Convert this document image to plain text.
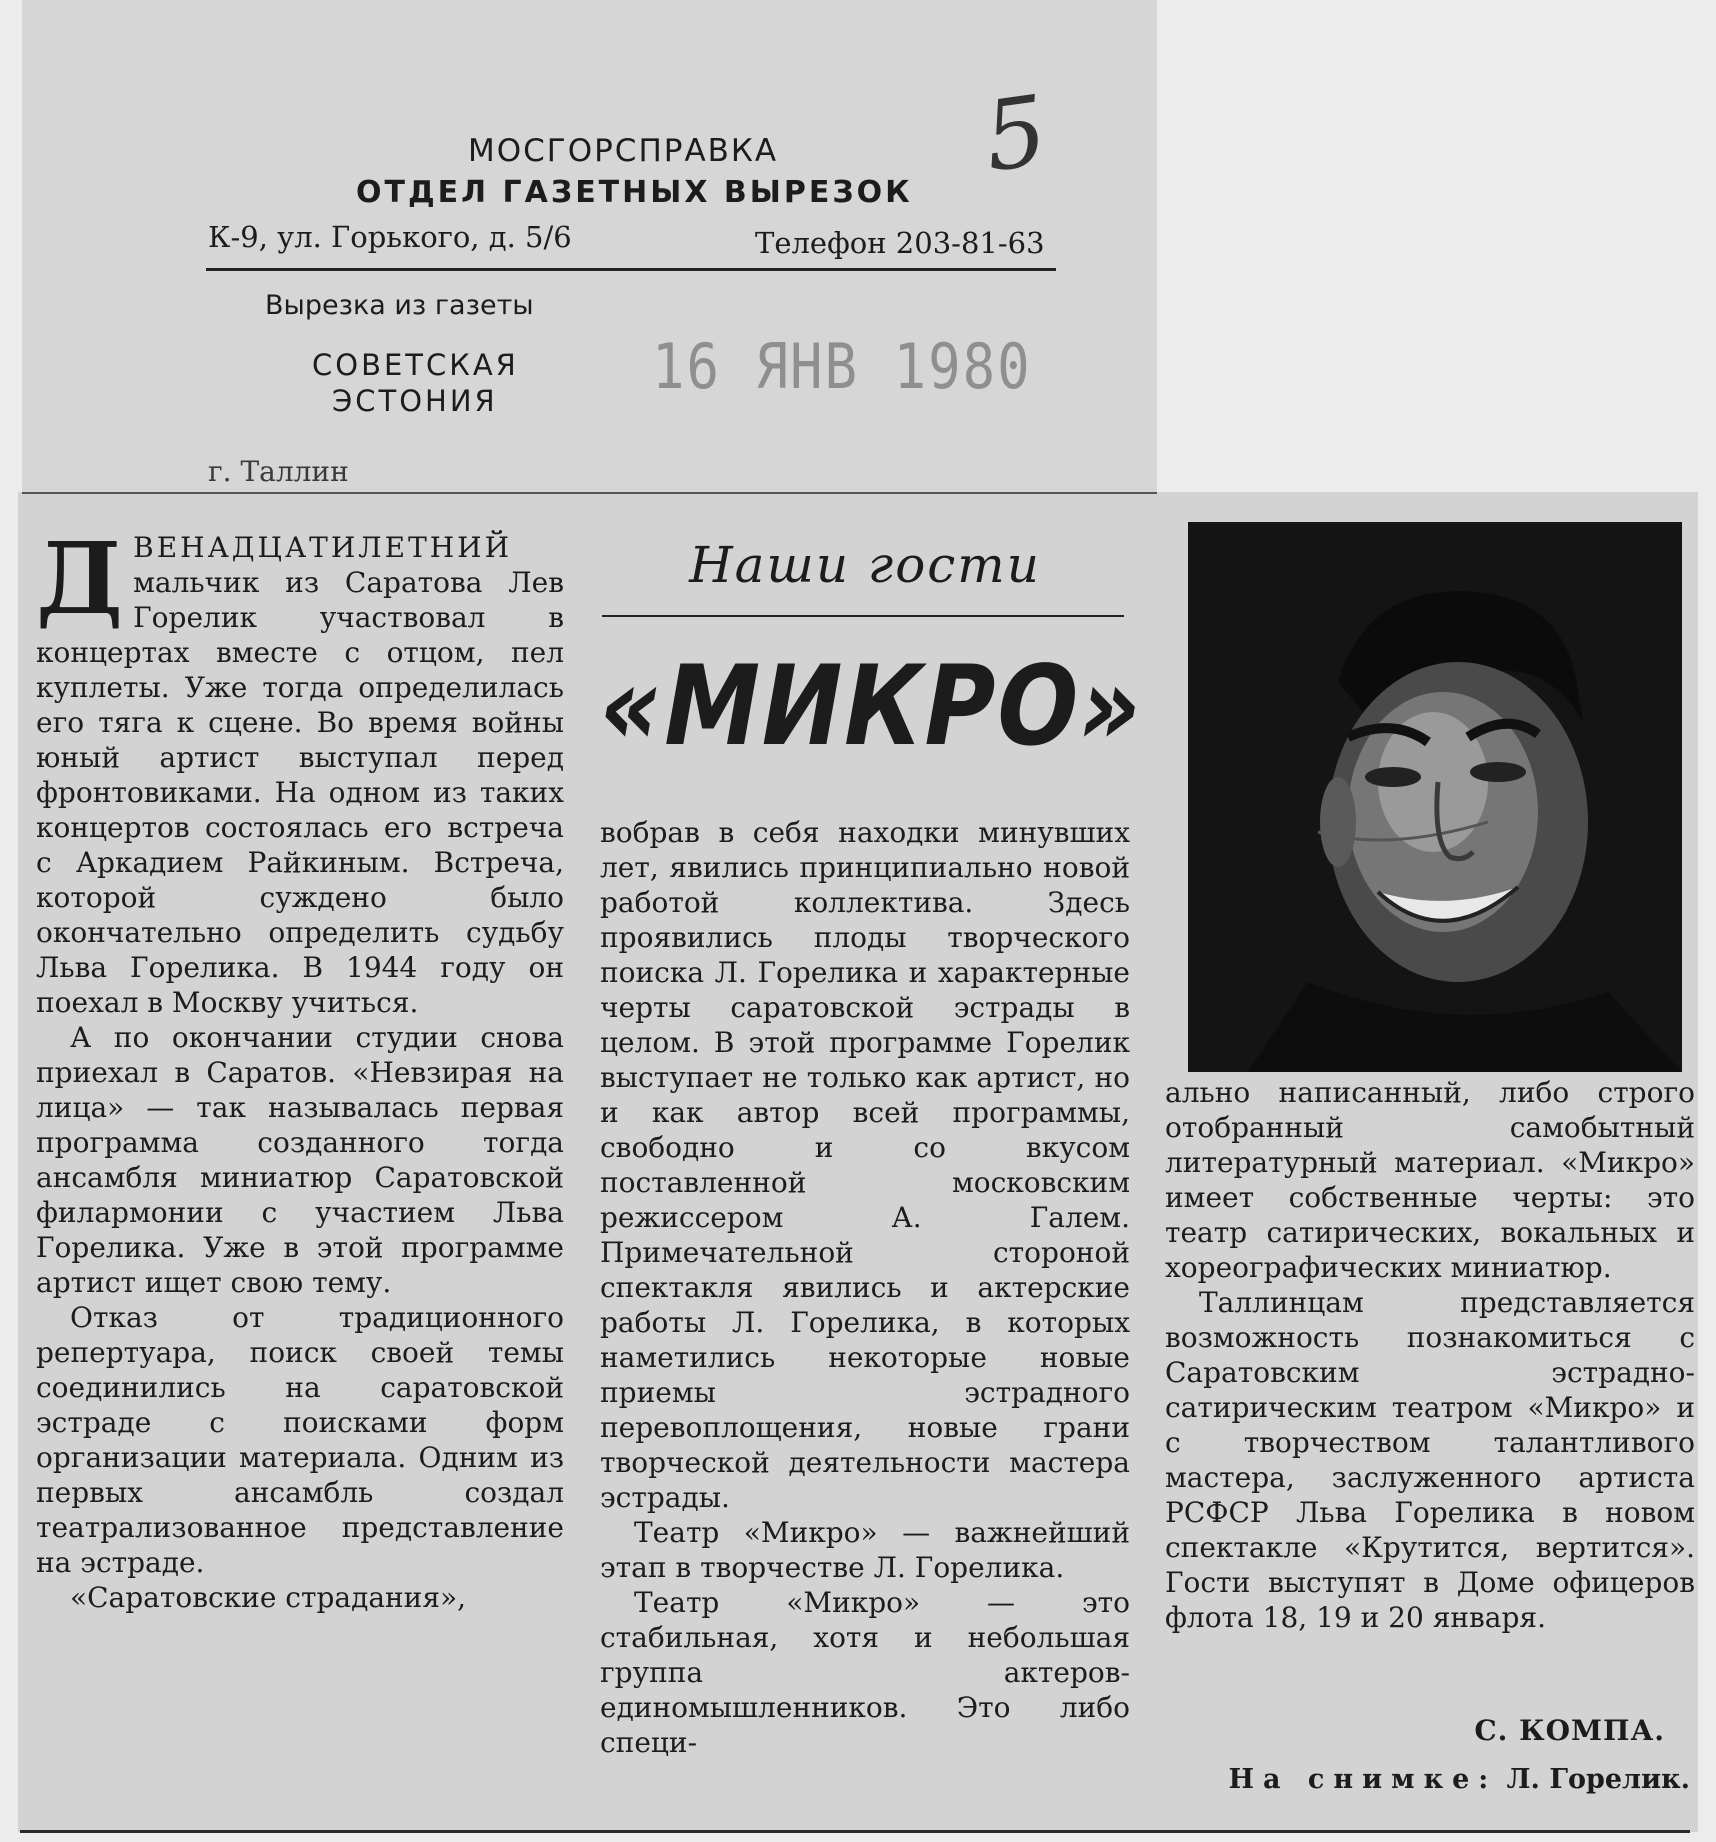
МОСГОРСПРАВКА
ОТДЕЛ ГАЗЕТНЫХ ВЫРЕЗОК
К-9, ул. Горького, д. 5/6	Телефон 203-81-63
Вырезка из газеты
СОВЕТСКАЯ
ЭСТОНИЯ
г. Таллин
16 ЯНВ 1980
5

ДВЕНАДЦАТИЛЕТНИЙ мальчик из Саратова Лев Горелик участвовал в концертах вместе с отцом, пел куплеты. Уже тогда определилась его тяга к сцене. Во время войны юный артист выступал перед фронтовиками. На одном из таких концертов состоялась его встреча с Аркадием Райкиным. Встреча, которой суждено было окончательно определить судьбу Льва Горелика. В 1944 году он поехал в Москву учиться.

А по окончании студии снова приехал в Саратов. «Невзирая на лица» — так называлась первая программа созданного тогда ансамбля миниатюр Саратовской филармонии с участием Льва Горелика. Уже в этой программе артист ищет свою тему.

Отказ от традиционного репертуара, поиск своей темы соединились на саратовской эстраде с поисками форм организации материала. Одним из первых ансамбль создал театрализованное представление на эстраде.

«Саратовские страдания»,

Наши гости
«МИКРО»

вобрав в себя находки минувших лет, явились принципиально новой работой коллектива. Здесь проявились плоды творческого поиска Л. Горелика и характерные черты саратовской эстрады в целом. В этой программе Горелик выступает не только как артист, но и как автор всей программы, свободно и со вкусом поставленной московским режиссером А. Галем. Примечательной стороной спектакля явились и актерские работы Л. Горелика, в которых наметились некоторые новые приемы эстрадного перевоплощения, новые грани творческой деятельности мастера эстрады.

Театр «Микро» — важнейший этап в творчестве Л. Горелика.

Театр «Микро» — это стабильная, хотя и небольшая группа актеров-единомышленников. Это либо специ-

ально написанный, либо строго отобранный самобытный литературный материал. «Микро» имеет собственные черты: это театр сатирических, вокальных и хореографических миниатюр.

Таллинцам представляется возможность познакомиться с Саратовским эстрадно-сатирическим театром «Микро» и с творчеством талантливого мастера, заслуженного артиста РСФСР Льва Горелика в новом спектакле «Крутится, вертится». Гости выступят в Доме офицеров флота 18, 19 и 20 января.

С. КОМПА.
На снимке: Л. Горелик.
